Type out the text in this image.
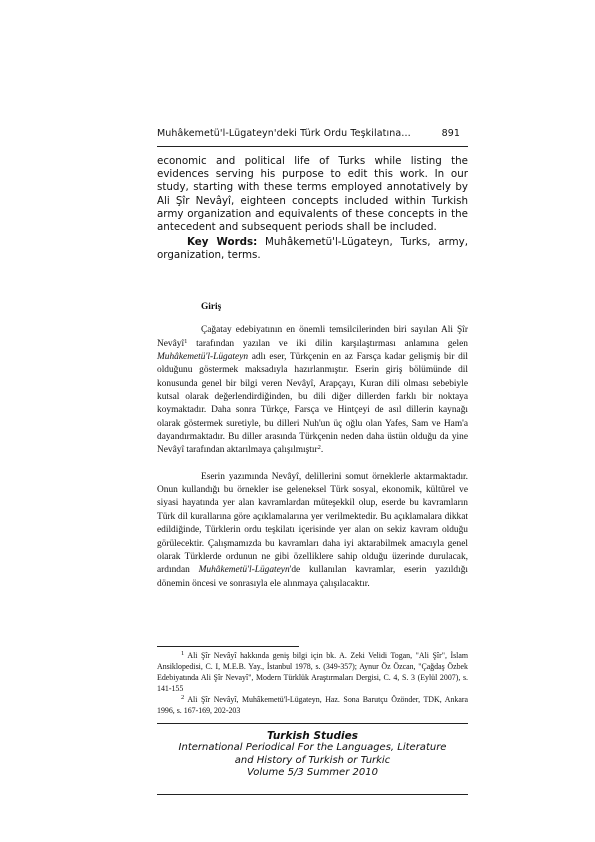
Muhâkemetü'l-Lügateyn'deki Türk Ordu Teşkilatına…	891

economic and political life of Turks while listing the evidences serving his purpose to edit this work. In our study, starting with these terms employed annotatively by Ali Şîr Nevâyî, eighteen concepts included within Turkish army organization and equivalents of these concepts in the antecedent and subsequent periods shall be included.

Key Words: Muhâkemetü'l-Lügateyn, Turks, army, organization, terms.

Giriş

Çağatay edebiyatının en önemli temsilcilerinden biri sayılan Ali Şîr Nevâyî$^1$ tarafından yazılan ve iki dilin karşılaştırması anlamına gelen Muhâkemetü'l-Lügateyn adlı eser, Türkçenin en az Farsça kadar gelişmiş bir dil olduğunu göstermek maksadıyla hazırlanmıştır. Eserin giriş bölümünde dil konusunda genel bir bilgi veren Nevâyî, Arapçayı, Kuran dili olması sebebiyle kutsal olarak değerlendirdiğinden, bu dili diğer dillerden farklı bir noktaya koymaktadır. Daha sonra Türkçe, Farsça ve Hintçeyi de asıl dillerin kaynağı olarak göstermek suretiyle, bu dilleri Nuh'un üç oğlu olan Yafes, Sam ve Ham'a dayandırmaktadır. Bu diller arasında Türkçenin neden daha üstün olduğu da yine Nevâyî tarafından aktarılmaya çalışılmıştır$^2$.

Eserin yazımında Nevâyî, delillerini somut örneklerle aktarmaktadır. Onun kullandığı bu örnekler ise geleneksel Türk sosyal, ekonomik, kültürel ve siyasi hayatında yer alan kavramlardan müteşekkil olup, eserde bu kavramların Türk dil kurallarına göre açıklamalarına yer verilmektedir. Bu açıklamalara dikkat edildiğinde, Türklerin ordu teşkilatı içerisinde yer alan on sekiz kavram olduğu görülecektir. Çalışmamızda bu kavramları daha iyi aktarabilmek amacıyla genel olarak Türklerde ordunun ne gibi özelliklere sahip olduğu üzerinde durulacak, ardından Muhâkemetü'l-Lügateyn'de kullanılan kavramlar, eserin yazıldığı dönemin öncesi ve sonrasıyla ele alınmaya çalışılacaktır.

$^1$ Ali Şîr Nevâyî hakkında geniş bilgi için bk. A. Zeki Velidi Togan, "Ali Şîr", İslam Ansiklopedisi, C. I, M.E.B. Yay., İstanbul 1978, s. (349-357); Aynur Öz Özcan, "Çağdaş Özbek Edebiyatında Ali Şîr Nevayî", Modern Türklük Araştırmaları Dergisi, C. 4, S. 3 (Eylül 2007), s. 141-155

$^2$ Ali Şîr Nevâyî, Muhâkemetü'l-Lügateyn, Haz. Sona Barutçu Özönder, TDK, Ankara 1996, s. 167-169, 202-203

Turkish Studies
International Periodical For the Languages, Literature
and History of Turkish or Turkic
Volume 5/3 Summer 2010
